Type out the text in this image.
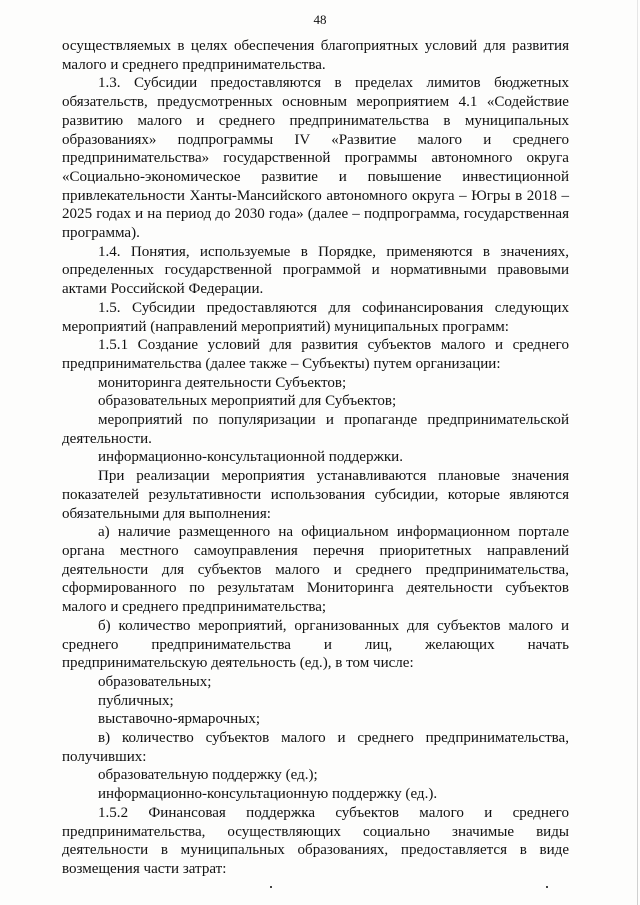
48

осуществляемых в целях обеспечения благоприятных условий для развития малого и среднего предпринимательства.

1.3. Субсидии предоставляются в пределах лимитов бюджетных обязательств, предусмотренных основным мероприятием 4.1 «Содействие развитию малого и среднего предпринимательства в муниципальных образованиях» подпрограммы IV «Развитие малого и среднего предпринимательства» государственной программы автономного округа «Социально-экономическое развитие и повышение инвестиционной привлекательности Ханты-Мансийского автономного округа – Югры в 2018 – 2025 годах и на период до 2030 года» (далее – подпрограмма, государственная программа).

1.4. Понятия, используемые в Порядке, применяются в значениях, определенных государственной программой и нормативными правовыми актами Российской Федерации.

1.5. Субсидии предоставляются для софинансирования следующих мероприятий (направлений мероприятий) муниципальных программ:

1.5.1 Создание условий для развития субъектов малого и среднего предпринимательства (далее также – Субъекты) путем организации:

мониторинга деятельности Субъектов;

образовательных мероприятий для Субъектов;

мероприятий по популяризации и пропаганде предпринимательской деятельности.

информационно-консультационной поддержки.

При реализации мероприятия устанавливаются плановые значения показателей результативности использования субсидии, которые являются обязательными для выполнения:

а) наличие размещенного на официальном информационном портале органа местного самоуправления перечня приоритетных направлений деятельности для субъектов малого и среднего предпринимательства, сформированного по результатам Мониторинга деятельности субъектов малого и среднего предпринимательства;

б) количество мероприятий, организованных для субъектов малого и среднего предпринимательства и лиц, желающих начать предпринимательскую деятельность (ед.), в том числе:

образовательных;

публичных;

выставочно-ярмарочных;

в) количество субъектов малого и среднего предпринимательства, получивших:

образовательную поддержку (ед.);

информационно-консультационную поддержку (ед.).

1.5.2 Финансовая поддержка субъектов малого и среднего предпринимательства, осуществляющих социально значимые виды деятельности в муниципальных образованиях, предоставляется в виде возмещения части затрат:
